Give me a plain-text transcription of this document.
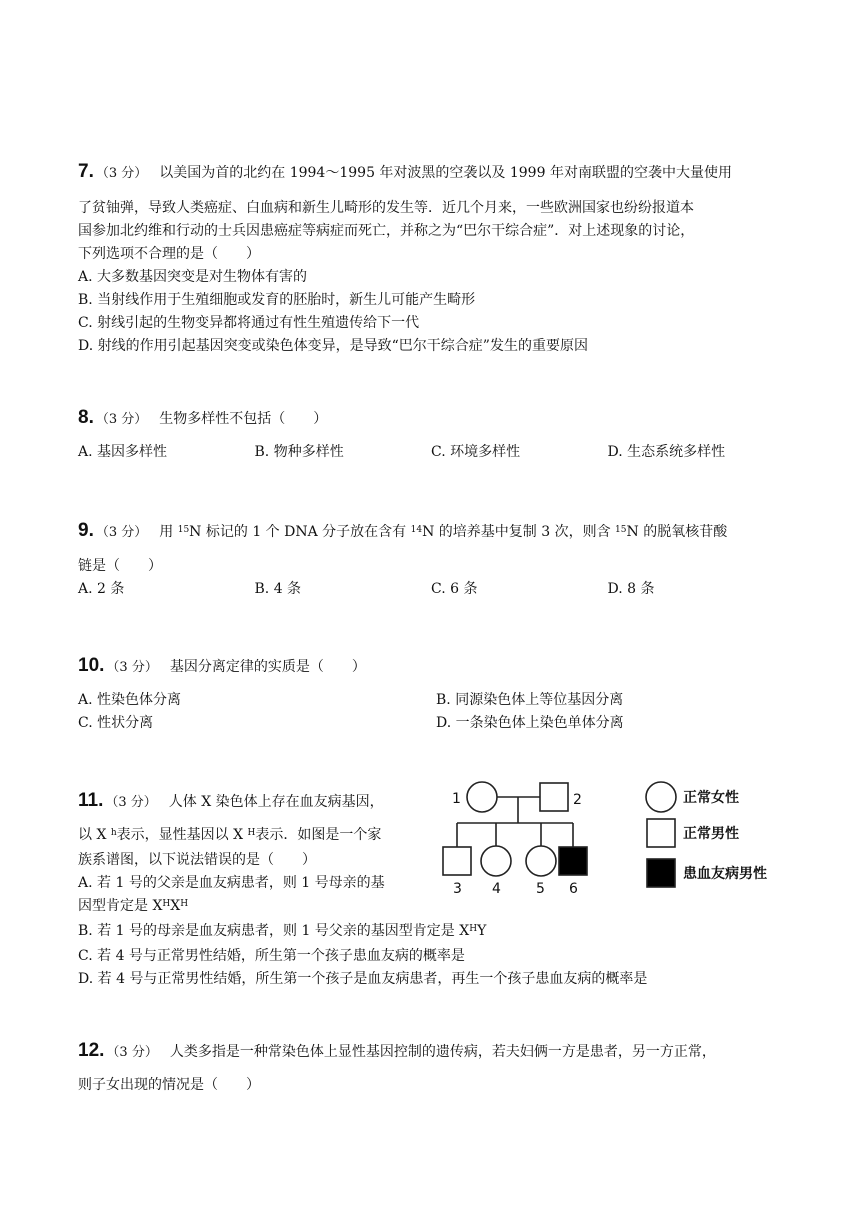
7. （3 分） 以美国为首的北约在 1994～1995 年对波黑的空袭以及 1999 年对南联盟的空袭中大量使用
了贫铀弹，导致人类癌症、白血病和新生儿畸形的发生等．近几个月来，一些欧洲国家也纷纷报道本
国参加北约维和行动的士兵因患癌症等病症而死亡，并称之为“巴尔干综合症”．对上述现象的讨论，
下列选项不合理的是（　　）
A. 大多数基因突变是对生物体有害的
B. 当射线作用于生殖细胞或发育的胚胎时，新生儿可能产生畸形
C. 射线引起的生物变异都将通过有性生殖遗传给下一代
D. 射线的作用引起基因突变或染色体变异，是导致“巴尔干综合症”发生的重要原因
8. （3 分） 生物多样性不包括（　　）
A. 基因多样性	B. 物种多样性	C. 环境多样性	D. 生态系统多样性
9. （3 分） 用 $^{15}$N 标记的 1 个 DNA 分子放在含有 $^{14}$N 的培养基中复制 3 次，则含 $^{15}$N 的脱氧核苷酸
链是（　　）
A. 2 条	B. 4 条	C. 6 条	D. 8 条
10. （3 分） 基因分离定律的实质是（　　）
A. 性染色体分离	B. 同源染色体上等位基因分离
C. 性状分离	D. 一条染色体上染色单体分离
11. （3 分） 人体 X 染色体上存在血友病基因，
以 X $^h$表示，显性基因以 X $^H$表示．如图是一个家
族系谱图，以下说法错误的是（　　）
A. 若 1 号的父亲是血友病患者，则 1 号母亲的基
因型肯定是 $X^HX^H$
B. 若 1 号的母亲是血友病患者，则 1 号父亲的基因型肯定是 $X^HY$
C. 若 4 号与正常男性结婚，所生第一个孩子患血友病的概率是
D. 若 4 号与正常男性结婚，所生第一个孩子是血友病患者，再生一个孩子患血友病的概率是
1	2
3 4	5 6
正常女性
正常男性
患血友病男性
12. （3 分） 人类多指是一种常染色体上显性基因控制的遗传病，若夫妇俩一方是患者，另一方正常，
则子女出现的情况是（　　）
